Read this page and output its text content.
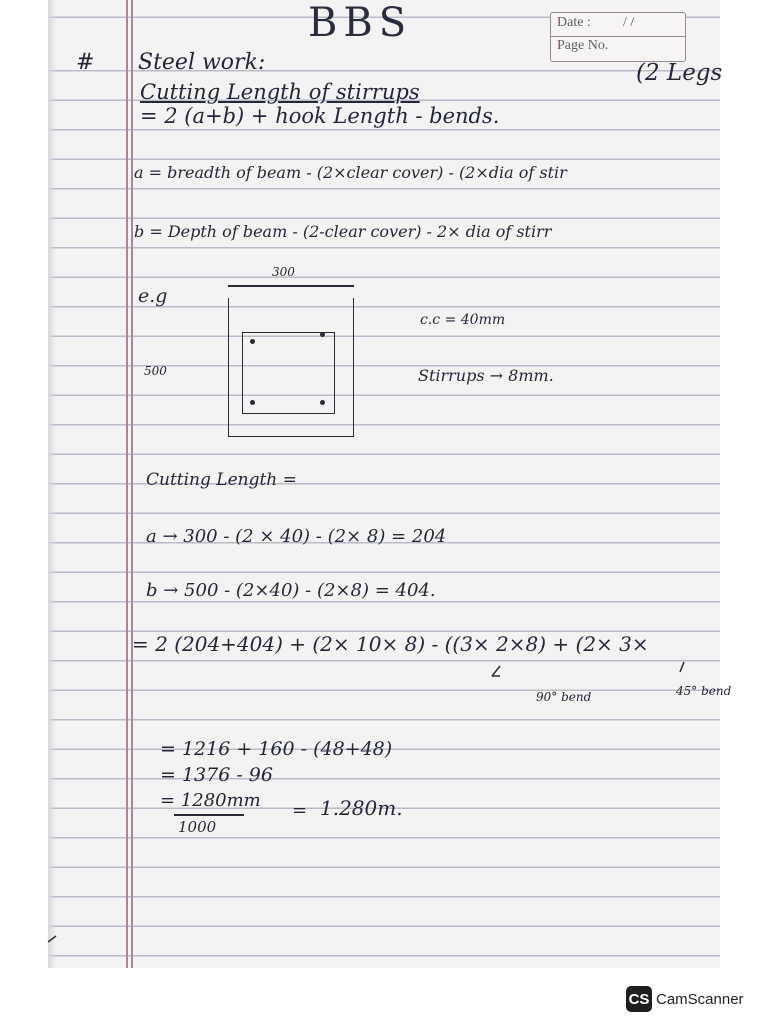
BBS	Date : / /
Page No.
# Steel work:
Cutting Length of stirrups
(2 Legs
= 2 (a+b) + hook Length - bends.
a = breadth of beam - (2×clear cover) - (2×dia of stir
b = Depth of beam - (2-clear cover) - 2× dia of stirr
e.g
300
500
c.c = 40mm
Stirrups → 8mm.
Cutting Length =
a → 300 - (2 × 40) - (2× 8) = 204
b → 500 - (2×40) - (2×8) = 404.
= 2 (204+404) + (2× 10× 8) - ((3× 2×8) + (2× 3×
90° bend	45° bend
= 1216 + 160 - (48+48)
= 1376 - 96
= 1280mm = 1.280m.
1000
CS CamScanner
